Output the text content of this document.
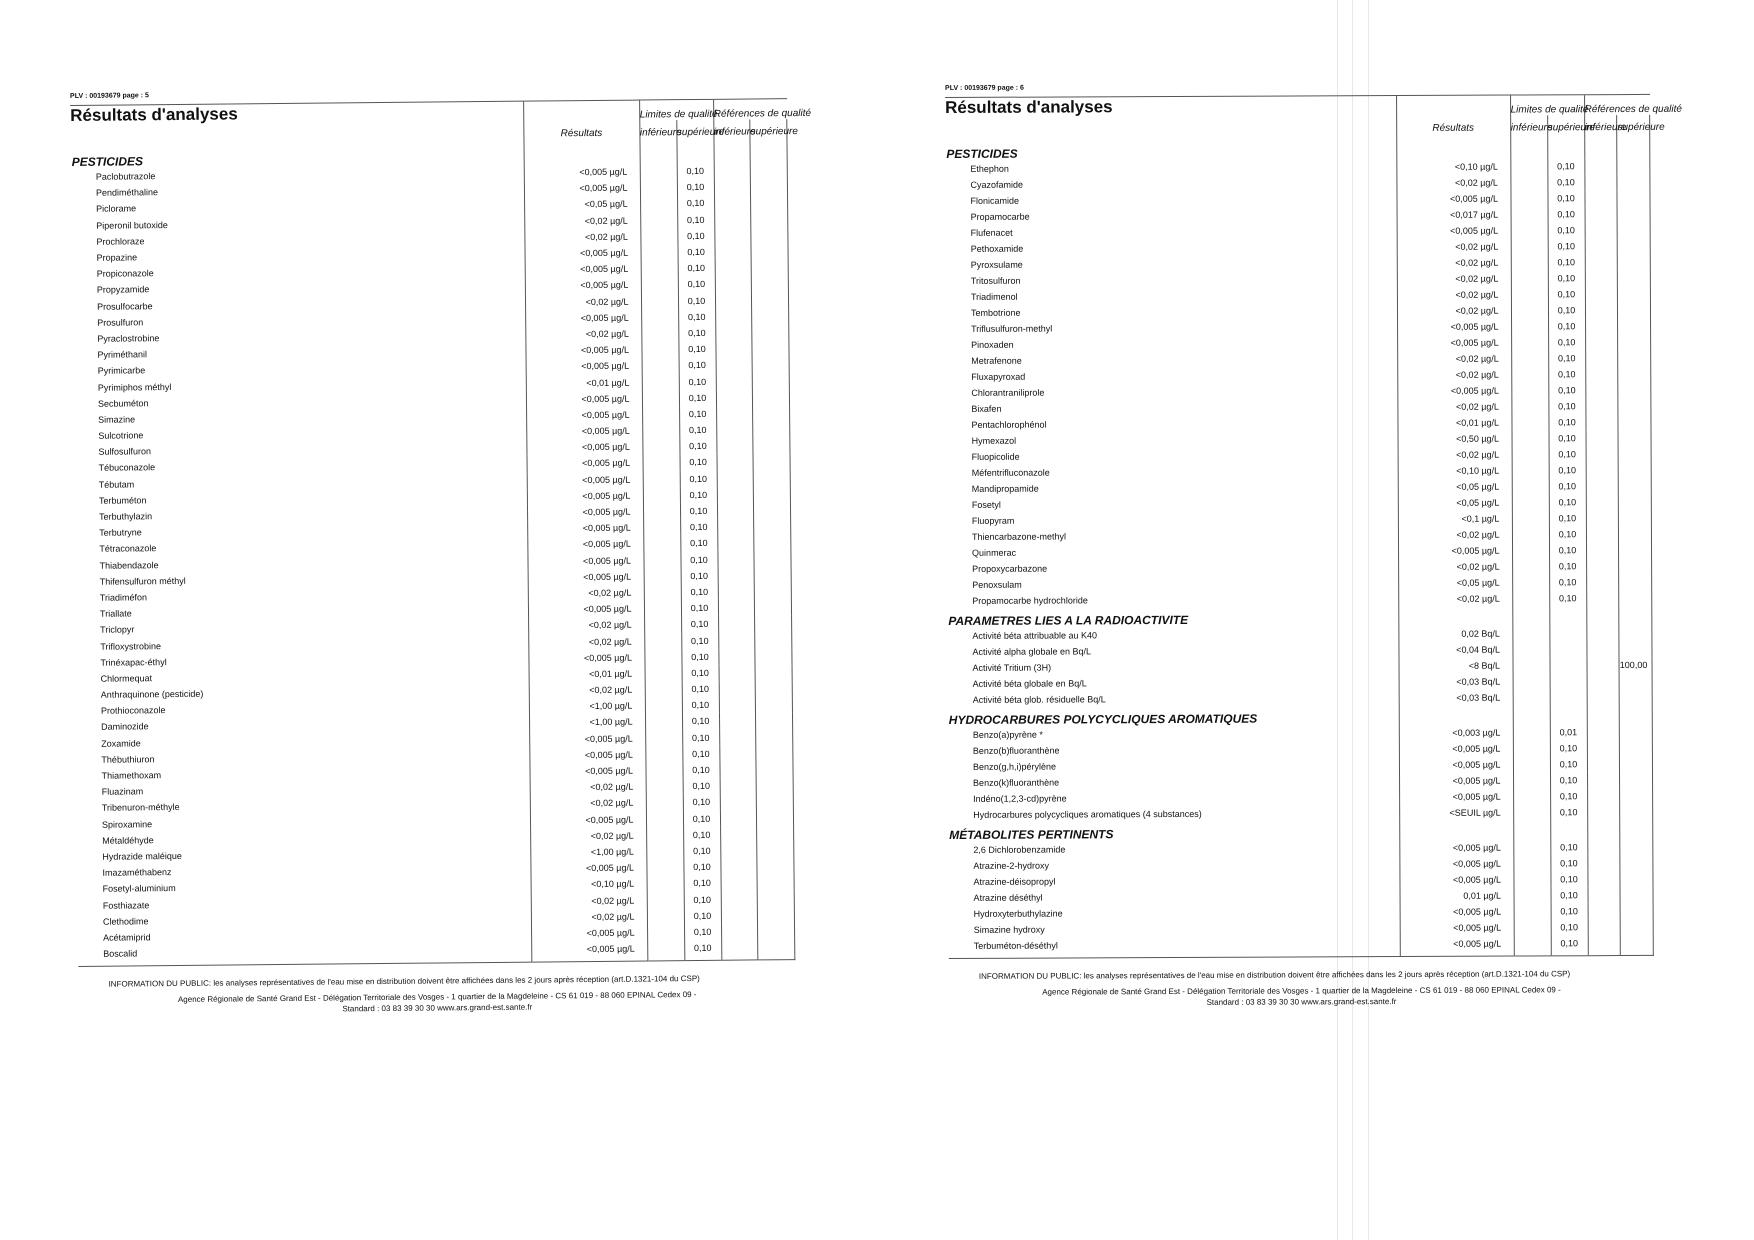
PLV : 00193679 page : 5
Résultats d'analyses		Limites de qualité		Références de qualité	
	Résultats	inférieure	supérieure	inférieure	supérieure
PESTICIDES					
Paclobutrazole	<0,005 µg/L		0,10		
Pendiméthaline	<0,005 µg/L		0,10		
Piclorame	<0,05 µg/L		0,10		
Piperonil butoxide	<0,02 µg/L		0,10		
Prochloraze	<0,02 µg/L		0,10		
Propazine	<0,005 µg/L		0,10		
Propiconazole	<0,005 µg/L		0,10		
Propyzamide	<0,005 µg/L		0,10		
Prosulfocarbe	<0,02 µg/L		0,10		
Prosulfuron	<0,005 µg/L		0,10		
Pyraclostrobine	<0,02 µg/L		0,10		
Pyriméthanil	<0,005 µg/L		0,10		
Pyrimicarbe	<0,005 µg/L		0,10		
Pyrimiphos méthyl	<0,01 µg/L		0,10		
Secbuméton	<0,005 µg/L		0,10		
Simazine	<0,005 µg/L		0,10		
Sulcotrione	<0,005 µg/L		0,10		
Sulfosulfuron	<0,005 µg/L		0,10		
Tébuconazole	<0,005 µg/L		0,10		
Tébutam	<0,005 µg/L		0,10		
Terbuméton	<0,005 µg/L		0,10		
Terbuthylazin	<0,005 µg/L		0,10		
Terbutryne	<0,005 µg/L		0,10		
Tétraconazole	<0,005 µg/L		0,10		
Thiabendazole	<0,005 µg/L		0,10		
Thifensulfuron méthyl	<0,005 µg/L		0,10		
Triadiméfon	<0,02 µg/L		0,10		
Triallate	<0,005 µg/L		0,10		
Triclopyr	<0,02 µg/L		0,10		
Trifloxystrobine	<0,02 µg/L		0,10		
Trinéxapac-éthyl	<0,005 µg/L		0,10		
Chlormequat	<0,01 µg/L		0,10		
Anthraquinone (pesticide)	<0,02 µg/L		0,10		
Prothioconazole	<1,00 µg/L		0,10		
Daminozide	<1,00 µg/L		0,10		
Zoxamide	<0,005 µg/L		0,10		
Thébuthiuron	<0,005 µg/L		0,10		
Thiamethoxam	<0,005 µg/L		0,10		
Fluazinam	<0,02 µg/L		0,10		
Tribenuron-méthyle	<0,02 µg/L		0,10		
Spiroxamine	<0,005 µg/L		0,10		
Métaldéhyde	<0,02 µg/L		0,10		
Hydrazide maléique	<1,00 µg/L		0,10		
Imazaméthabenz	<0,005 µg/L		0,10		
Fosetyl-aluminium	<0,10 µg/L		0,10		
Fosthiazate	<0,02 µg/L		0,10		
Clethodime	<0,02 µg/L		0,10		
Acétamiprid	<0,005 µg/L		0,10		
Boscalid	<0,005 µg/L		0,10		

INFORMATION DU PUBLIC: les analyses représentatives de l'eau mise en distribution doivent être affichées dans les 2 jours après réception (art.D.1321-104 du CSP)
Agence Régionale de Santé Grand Est - Délégation Territoriale des Vosges - 1 quartier de la Magdeleine - CS 61 019 - 88 060 EPINAL Cedex 09 -
Standard : 03 83 39 30 30 www.ars.grand-est.sante.fr
PLV : 00193679 page : 6
Résultats d'analyses		Limites de qualité		Références de qualité	
	Résultats	inférieure	supérieure	inférieure	supérieure
PESTICIDES					
Ethephon	<0,10 µg/L		0,10		
Cyazofamide	<0,02 µg/L		0,10		
Flonicamide	<0,005 µg/L		0,10		
Propamocarbe	<0,017 µg/L		0,10		
Flufenacet	<0,005 µg/L		0,10		
Pethoxamide	<0,02 µg/L		0,10		
Pyroxsulame	<0,02 µg/L		0,10		
Tritosulfuron	<0,02 µg/L		0,10		
Triadimenol	<0,02 µg/L		0,10		
Tembotrione	<0,02 µg/L		0,10		
Triflusulfuron-methyl	<0,005 µg/L		0,10		
Pinoxaden	<0,005 µg/L		0,10		
Metrafenone	<0,02 µg/L		0,10		
Fluxapyroxad	<0,02 µg/L		0,10		
Chlorantraniliprole	<0,005 µg/L		0,10		
Bixafen	<0,02 µg/L		0,10		
Pentachlorophénol	<0,01 µg/L		0,10		
Hymexazol	<0,50 µg/L		0,10		
Fluopicolide	<0,02 µg/L		0,10		
Méfentrifluconazole	<0,10 µg/L		0,10		
Mandipropamide	<0,05 µg/L		0,10		
Fosetyl	<0,05 µg/L		0,10		
Fluopyram	<0,1 µg/L		0,10		
Thiencarbazone-methyl	<0,02 µg/L		0,10		
Quinmerac	<0,005 µg/L		0,10		
Propoxycarbazone	<0,02 µg/L		0,10		
Penoxsulam	<0,05 µg/L		0,10		
Propamocarbe hydrochloride	<0,02 µg/L		0,10		
PARAMETRES LIES A LA RADIOACTIVITE					
Activité béta attribuable au K40	0,02 Bq/L				
Activité alpha globale en Bq/L	<0,04 Bq/L				
Activité Tritium (3H)	<8 Bq/L				100,00
Activité béta globale en Bq/L	<0,03 Bq/L				
Activité béta glob. résiduelle Bq/L	<0,03 Bq/L				
HYDROCARBURES POLYCYCLIQUES AROMATIQUES					
Benzo(a)pyrène *	<0,003 µg/L		0,01		
Benzo(b)fluoranthène	<0,005 µg/L		0,10		
Benzo(g,h,i)pérylène	<0,005 µg/L		0,10		
Benzo(k)fluoranthène	<0,005 µg/L		0,10		
Indéno(1,2,3-cd)pyrène	<0,005 µg/L		0,10		
Hydrocarbures polycycliques aromatiques (4 substances)	<SEUIL µg/L		0,10		
MÉTABOLITES PERTINENTS					
2,6 Dichlorobenzamide	<0,005 µg/L		0,10		
Atrazine-2-hydroxy	<0,005 µg/L		0,10		
Atrazine-déisopropyl	<0,005 µg/L		0,10		
Atrazine déséthyl	0,01 µg/L		0,10		
Hydroxyterbuthylazine	<0,005 µg/L		0,10		
Simazine hydroxy	<0,005 µg/L		0,10		
Terbuméton-déséthyl	<0,005 µg/L		0,10		

INFORMATION DU PUBLIC: les analyses représentatives de l'eau mise en distribution doivent être affichées dans les 2 jours après réception (art.D.1321-104 du CSP)
Agence Régionale de Santé Grand Est - Délégation Territoriale des Vosges - 1 quartier de la Magdeleine - CS 61 019 - 88 060 EPINAL Cedex 09 -
Standard : 03 83 39 30 30 www.ars.grand-est.sante.fr
